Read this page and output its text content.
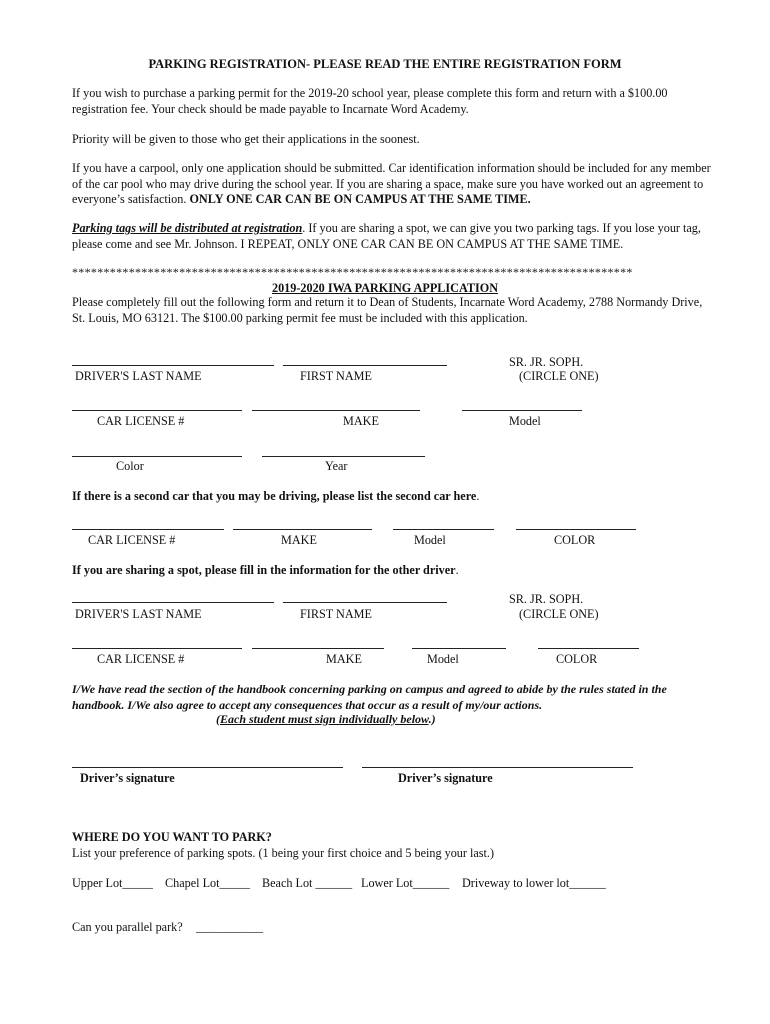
PARKING REGISTRATION- PLEASE READ THE ENTIRE REGISTRATION FORM
If you wish to purchase a parking permit for the 2019-20 school year, please complete this form and return with a $100.00 registration fee. Your check should be made payable to Incarnate Word Academy.
Priority will be given to those who get their applications in the soonest.
If you have a carpool, only one application should be submitted. Car identification information should be included for any member of the car pool who may drive during the school year. If you are sharing a space, make sure you have worked out an agreement to everyone’s satisfaction. ONLY ONE CAR CAN BE ON CAMPUS AT THE SAME TIME.
Parking tags will be distributed at registration. If you are sharing a spot, we can give you two parking tags. If you lose your tag, please come and see Mr. Johnson. I REPEAT, ONLY ONE CAR CAN BE ON CAMPUS AT THE SAME TIME.
*****************************************************************************************
2019-2020 IWA PARKING APPLICATION
Please completely fill out the following form and return it to Dean of Students, Incarnate Word Academy, 2788 Normandy Drive, St. Louis, MO 63121. The $100.00 parking permit fee must be included with this application.
SR. JR. SOPH.
DRIVER'S LAST NAME	FIRST NAME	(CIRCLE ONE)
CAR LICENSE #	MAKE	Model
Color	Year
If there is a second car that you may be driving, please list the second car here.
CAR LICENSE #	MAKE	Model	COLOR
If you are sharing a spot, please fill in the information for the other driver.
SR. JR. SOPH.
DRIVER'S LAST NAME	FIRST NAME	(CIRCLE ONE)
CAR LICENSE #	MAKE	Model	COLOR
I/We have read the section of the handbook concerning parking on campus and agreed to abide by the rules stated in the handbook. I/We also agree to accept any consequences that occur as a result of my/our actions.
(Each student must sign individually below.)
Driver’s signature	Driver’s signature
WHERE DO YOU WANT TO PARK?
List your preference of parking spots. (1 being your first choice and 5 being your last.)
Upper Lot_____ Chapel Lot_____ Beach Lot ______ Lower Lot______ Driveway to lower lot______
Can you parallel park? ___________
